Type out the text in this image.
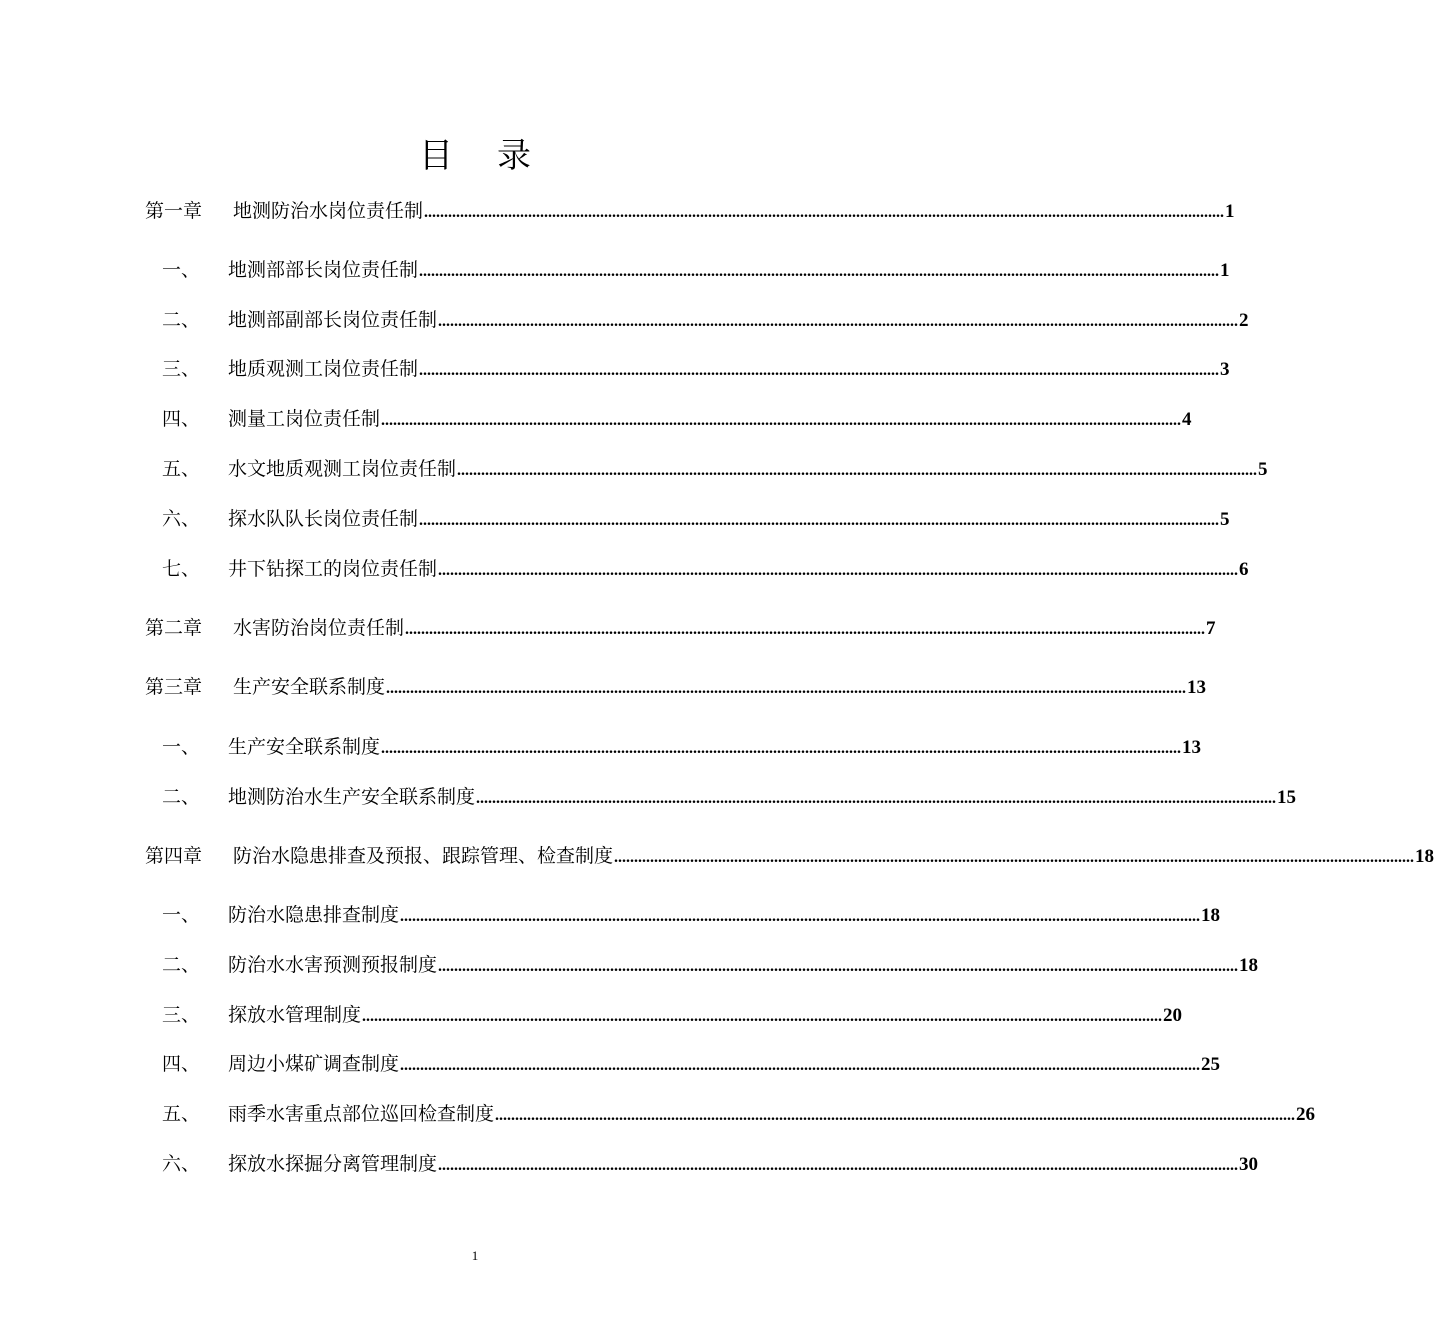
目录
第一章	地测防治水岗位责任制 ........................................................................................................................................................................................................ 1
一、	地测部部长岗位责任制 ........................................................................................................................................................................................................ 1
二、	地测部副部长岗位责任制 ........................................................................................................................................................................................................ 2
三、	地质观测工岗位责任制 ........................................................................................................................................................................................................ 3
四、	测量工岗位责任制 ........................................................................................................................................................................................................ 4
五、	水文地质观测工岗位责任制 ........................................................................................................................................................................................................ 5
六、	探水队队长岗位责任制 ........................................................................................................................................................................................................ 5
七、	井下钻探工的岗位责任制 ........................................................................................................................................................................................................ 6
第二章	水害防治岗位责任制 ........................................................................................................................................................................................................ 7
第三章	生产安全联系制度 ........................................................................................................................................................................................................ 13
一、	生产安全联系制度 ........................................................................................................................................................................................................ 13
二、	地测防治水生产安全联系制度 ........................................................................................................................................................................................................ 15
第四章	防治水隐患排查及预报、跟踪管理、检查制度 ........................................................................................................................................................................................................ 18
一、	防治水隐患排查制度 ........................................................................................................................................................................................................ 18
二、	防治水水害预测预报制度 ........................................................................................................................................................................................................ 18
三、	探放水管理制度 ........................................................................................................................................................................................................ 20
四、	周边小煤矿调查制度 ........................................................................................................................................................................................................ 25
五、	雨季水害重点部位巡回检查制度 ........................................................................................................................................................................................................ 26
六、	探放水探掘分离管理制度 ........................................................................................................................................................................................................ 30
1
